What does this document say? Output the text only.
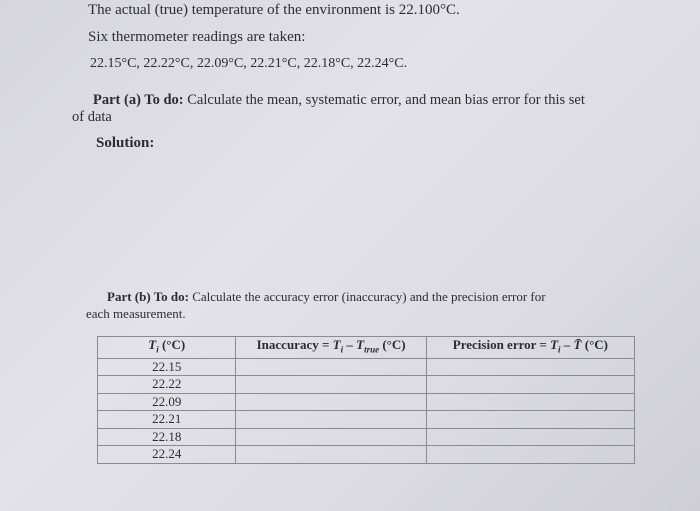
The actual (true) temperature of the environment is 22.100°C.
Six thermometer readings are taken:
22.15°C, 22.22°C, 22.09°C, 22.21°C, 22.18°C, 22.24°C.
Part (a) To do: Calculate the mean, systematic error, and mean bias error for this set
of data
Solution:
Part (b) To do: Calculate the accuracy error (inaccuracy) and the precision error for
each measurement.
$T_i$ (°C)	Inaccuracy = $T_i - T_{true}$ (°C)	Precision error = $T_i$ – T̄ (°C)
22.15		
22.22		
22.09		
22.21		
22.18		
22.24		
